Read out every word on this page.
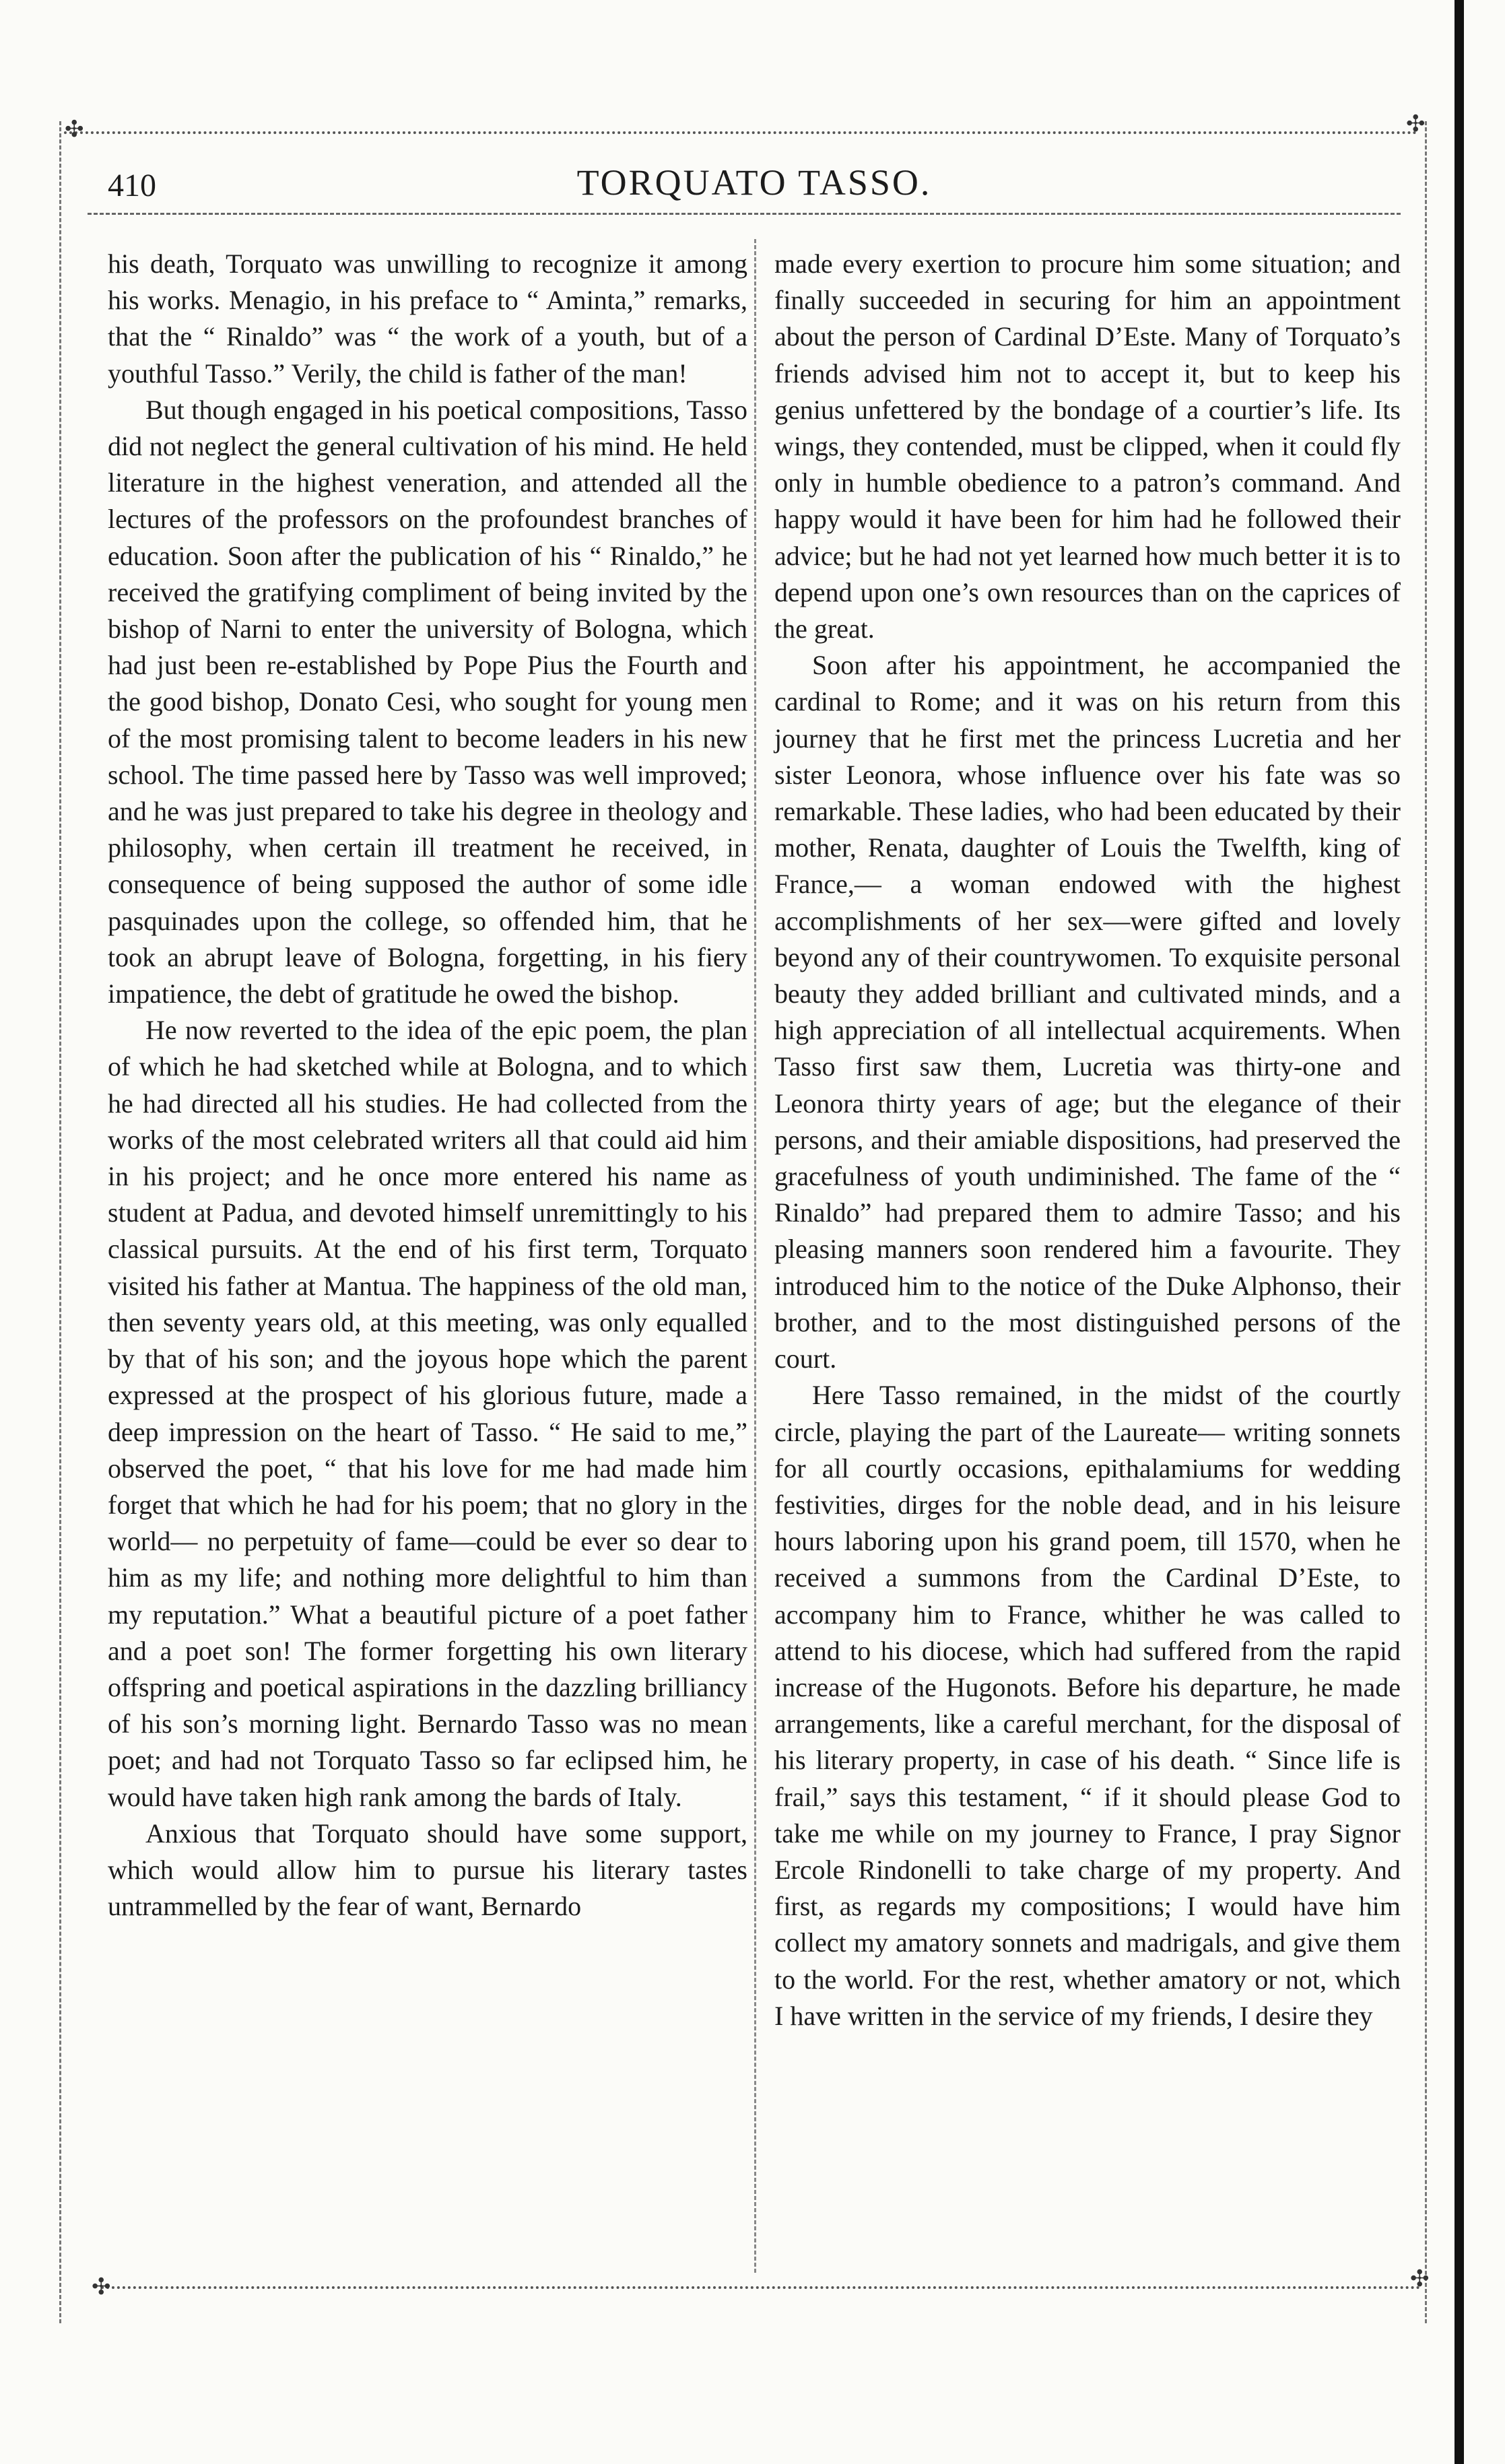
✣	✣
✣	✣
410	TORQUATO TASSO.

his death, Torquato was unwilling to recognize it among his works. Menagio, in his preface to “ Aminta,” remarks, that the “ Rinaldo” was “ the work of a youth, but of a youthful Tasso.” Verily, the child is father of the man!

But though engaged in his poetical compositions, Tasso did not neglect the general cultivation of his mind. He held literature in the highest veneration, and attended all the lectures of the professors on the profoundest branches of education. Soon after the publication of his “ Rinaldo,” he received the gratifying compliment of being invited by the bishop of Narni to enter the university of Bologna, which had just been re-established by Pope Pius the Fourth and the good bishop, Donato Cesi, who sought for young men of the most promising talent to become leaders in his new school. The time passed here by Tasso was well improved; and he was just prepared to take his degree in theology and philosophy, when certain ill treatment he received, in consequence of being supposed the author of some idle pasquinades upon the college, so offended him, that he took an abrupt leave of Bologna, forgetting, in his fiery impatience, the debt of gratitude he owed the bishop.

He now reverted to the idea of the epic poem, the plan of which he had sketched while at Bologna, and to which he had directed all his studies. He had collected from the works of the most celebrated writers all that could aid him in his project; and he once more entered his name as student at Padua, and devoted himself unremittingly to his classical pursuits. At the end of his first term, Torquato visited his father at Mantua. The happiness of the old man, then seventy years old, at this meeting, was only equalled by that of his son; and the joyous hope which the parent expressed at the prospect of his glorious future, made a deep impression on the heart of Tasso. “ He said to me,” observed the poet, “ that his love for me had made him forget that which he had for his poem; that no glory in the world— no perpetuity of fame—could be ever so dear to him as my life; and nothing more delightful to him than my reputation.” What a beautiful picture of a poet father and a poet son! The former forgetting his own literary offspring and poetical aspirations in the dazzling brilliancy of his son’s morning light. Bernardo Tasso was no mean poet; and had not Torquato Tasso so far eclipsed him, he would have taken high rank among the bards of Italy.

Anxious that Torquato should have some support, which would allow him to pursue his literary tastes untrammelled by the fear of want, Bernardo

made every exertion to procure him some situation; and finally succeeded in securing for him an appointment about the person of Cardinal D’Este. Many of Torquato’s friends advised him not to accept it, but to keep his genius unfettered by the bondage of a courtier’s life. Its wings, they contended, must be clipped, when it could fly only in humble obedience to a patron’s command. And happy would it have been for him had he followed their advice; but he had not yet learned how much better it is to depend upon one’s own resources than on the caprices of the great.

Soon after his appointment, he accompanied the cardinal to Rome; and it was on his return from this journey that he first met the princess Lucretia and her sister Leonora, whose influence over his fate was so remarkable. These ladies, who had been educated by their mother, Renata, daughter of Louis the Twelfth, king of France,— a woman endowed with the highest accomplishments of her sex—were gifted and lovely beyond any of their countrywomen. To exquisite personal beauty they added brilliant and cultivated minds, and a high appreciation of all intellectual acquirements. When Tasso first saw them, Lucretia was thirty-one and Leonora thirty years of age; but the elegance of their persons, and their amiable dispositions, had preserved the gracefulness of youth undiminished. The fame of the “ Rinaldo” had prepared them to admire Tasso; and his pleasing manners soon rendered him a favourite. They introduced him to the notice of the Duke Alphonso, their brother, and to the most distinguished persons of the court.

Here Tasso remained, in the midst of the courtly circle, playing the part of the Laureate— writing sonnets for all courtly occasions, epithalamiums for wedding festivities, dirges for the noble dead, and in his leisure hours laboring upon his grand poem, till 1570, when he received a summons from the Cardinal D’Este, to accompany him to France, whither he was called to attend to his diocese, which had suffered from the rapid increase of the Hugonots. Before his departure, he made arrangements, like a careful merchant, for the disposal of his literary property, in case of his death. “ Since life is frail,” says this testament, “ if it should please God to take me while on my journey to France, I pray Signor Ercole Rindonelli to take charge of my property. And first, as regards my compositions; I would have him collect my amatory sonnets and madrigals, and give them to the world. For the rest, whether amatory or not, which I have written in the service of my friends, I desire they
